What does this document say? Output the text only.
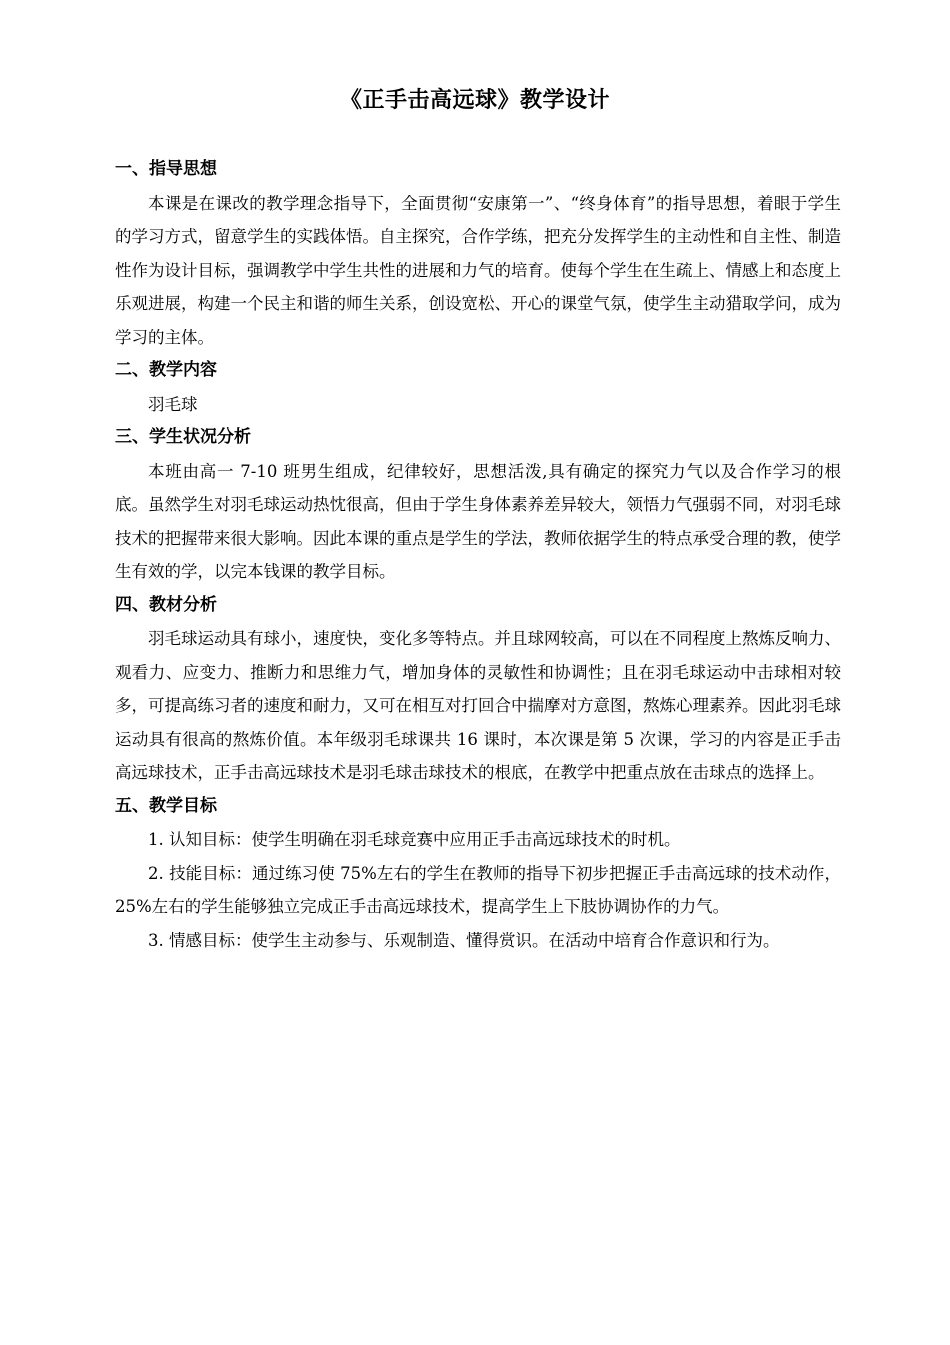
《正手击高远球》教学设计
一、指导思想

本课是在课改的教学理念指导下，全面贯彻“安康第一”、“终身体育”的指导思想，着眼于学生的学习方式，留意学生的实践体悟。自主探究，合作学练，把充分发挥学生的主动性和自主性、制造性作为设计目标，强调教学中学生共性的进展和力气的培育。使每个学生在生疏上、情感上和态度上乐观进展，构建一个民主和谐的师生关系，创设宽松、开心的课堂气氛，使学生主动猎取学问，成为学习的主体。

二、教学内容

羽毛球

三、学生状况分析

本班由高一 7-10 班男生组成，纪律较好，思想活泼,具有确定的探究力气以及合作学习的根底。虽然学生对羽毛球运动热忱很高，但由于学生身体素养差异较大，领悟力气强弱不同，对羽毛球技术的把握带来很大影响。因此本课的重点是学生的学法，教师依据学生的特点承受合理的教，使学生有效的学，以完本钱课的教学目标。

四、教材分析

羽毛球运动具有球小，速度快，变化多等特点。并且球网较高，可以在不同程度上熬炼反响力、观看力、应变力、推断力和思维力气，增加身体的灵敏性和协调性；且在羽毛球运动中击球相对较多，可提高练习者的速度和耐力，又可在相互对打回合中揣摩对方意图，熬炼心理素养。因此羽毛球运动具有很高的熬炼价值。本年级羽毛球课共 16 课时，本次课是第 5 次课，学习的内容是正手击高远球技术，正手击高远球技术是羽毛球击球技术的根底，在教学中把重点放在击球点的选择上。

五、教学目标

1. 认知目标：使学生明确在羽毛球竞赛中应用正手击高远球技术的时机。

2. 技能目标：通过练习使 75%左右的学生在教师的指导下初步把握正手击高远球的技术动作，25%左右的学生能够独立完成正手击高远球技术，提高学生上下肢协调协作的力气。

3. 情感目标：使学生主动参与、乐观制造、懂得赏识。在活动中培育合作意识和行为。
